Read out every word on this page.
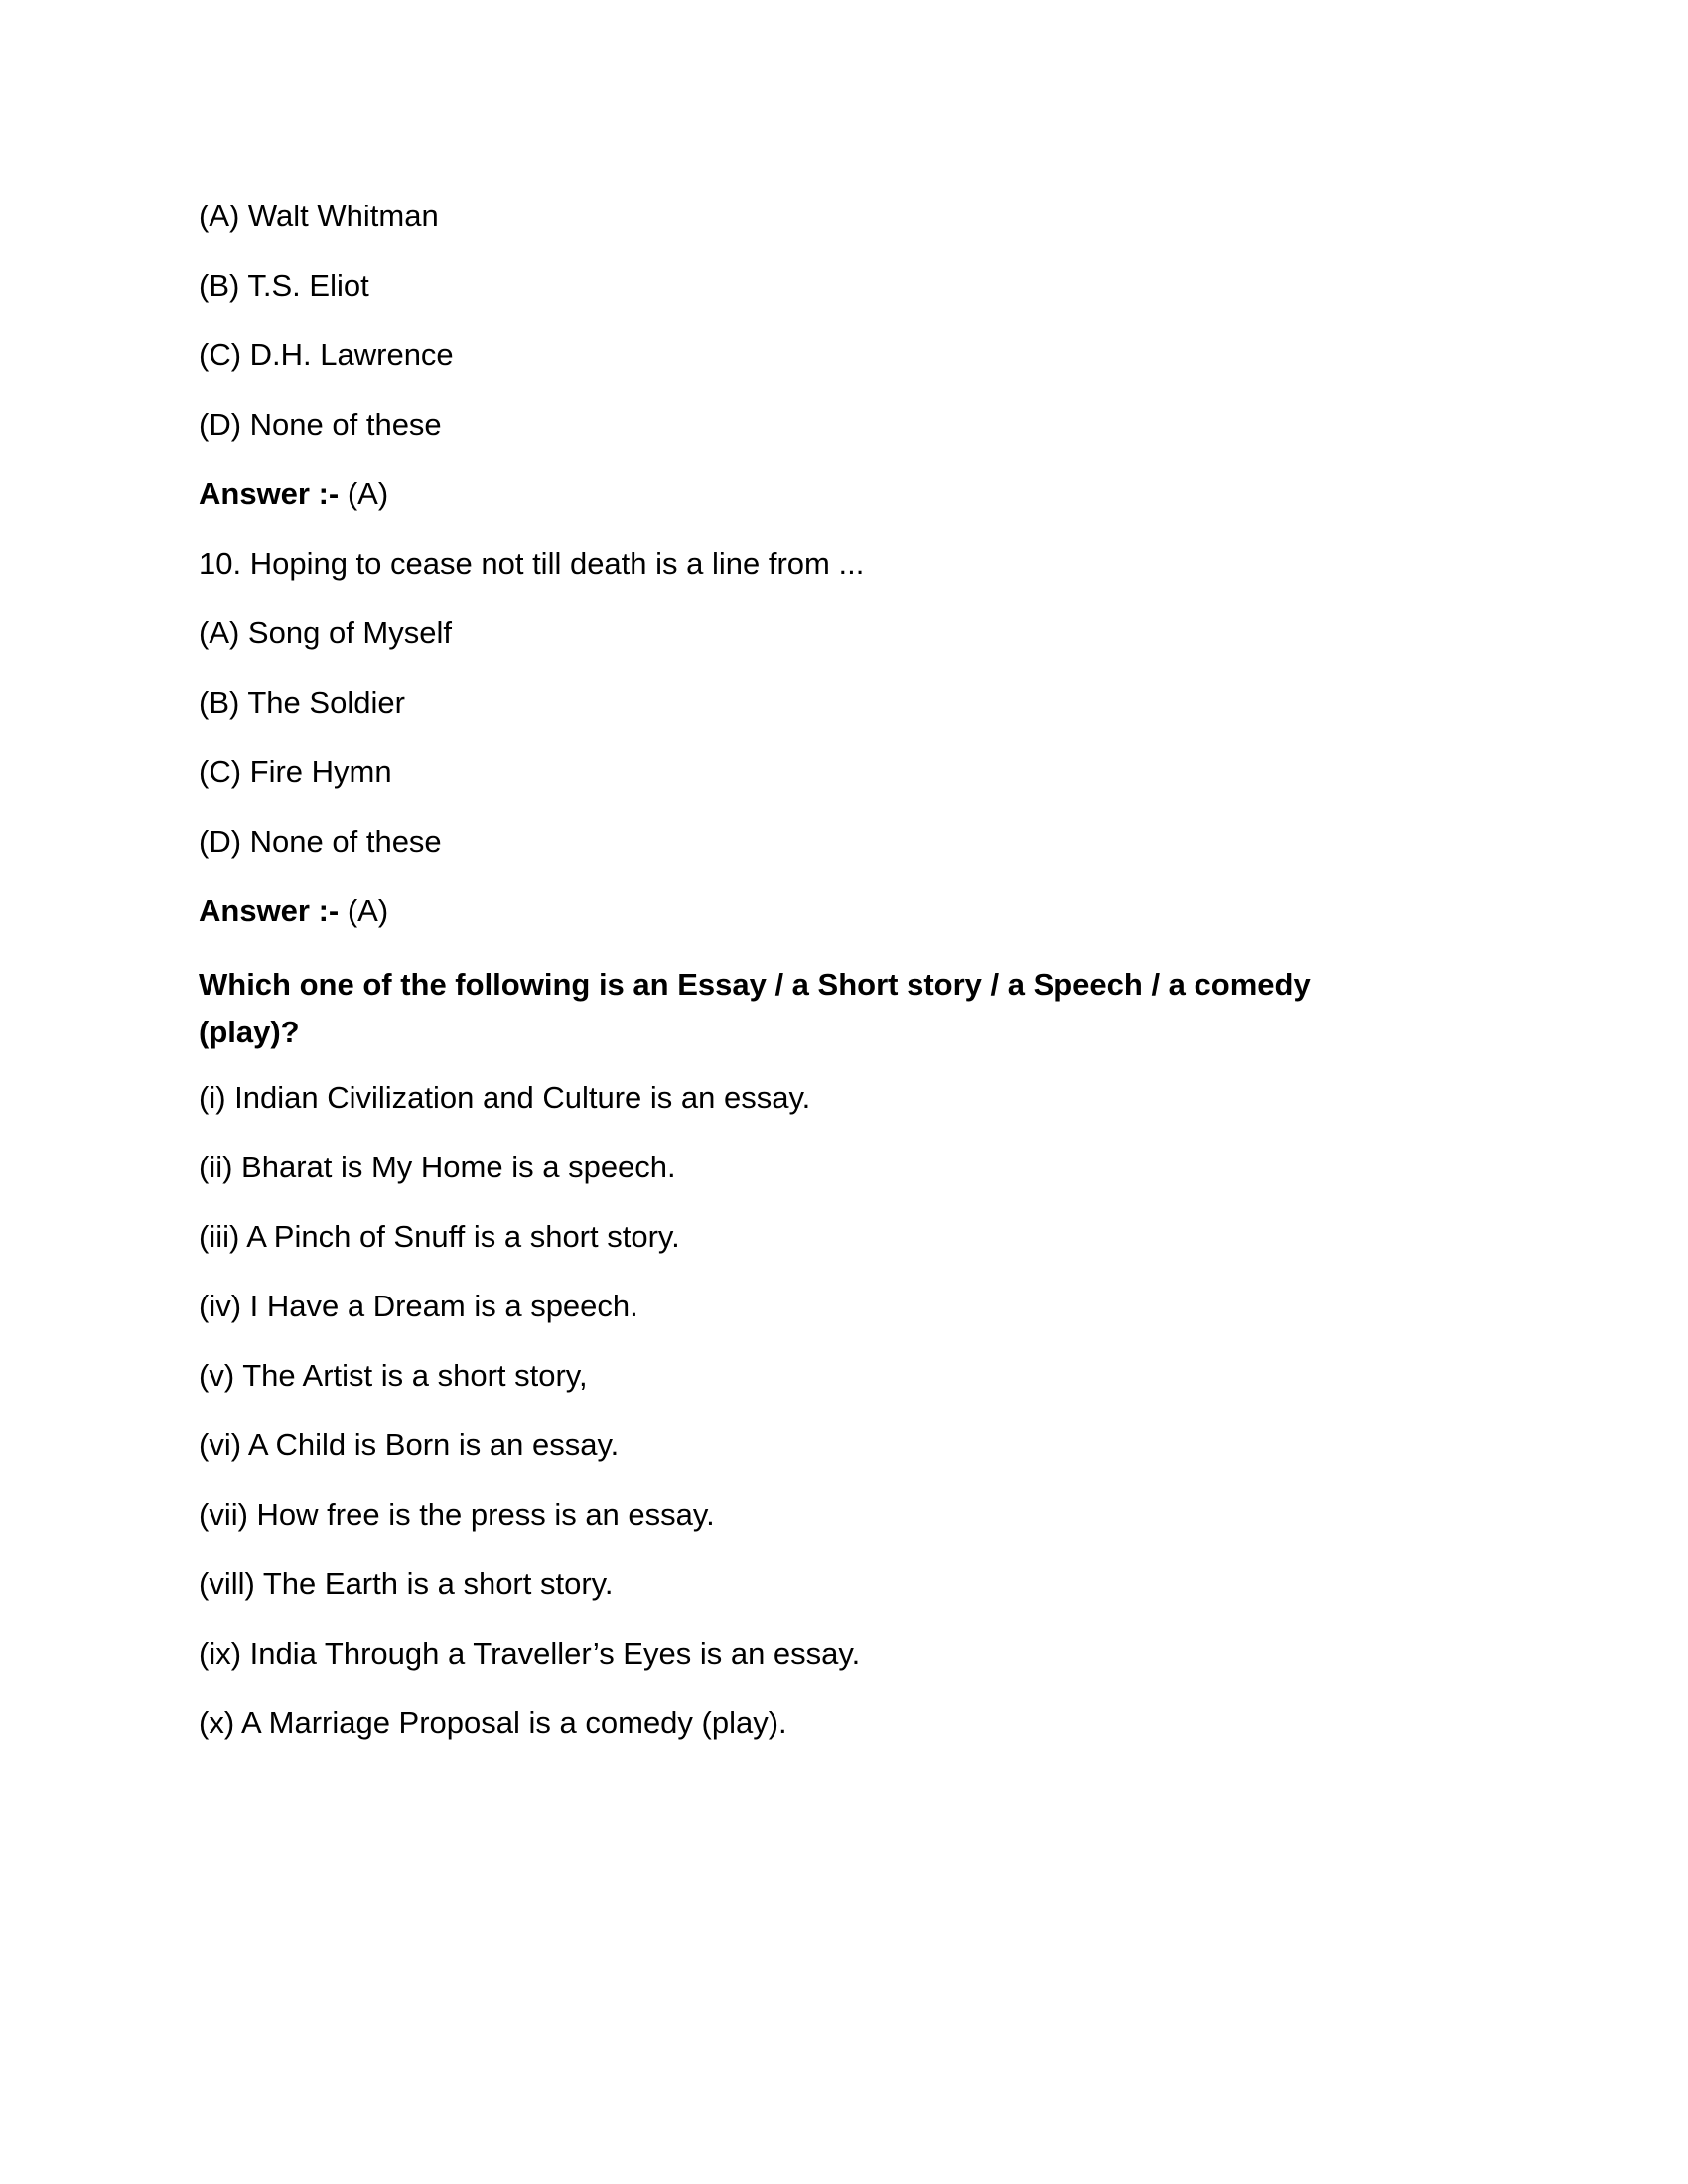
(A) Walt Whitman
(B) T.S. Eliot
(C) D.H. Lawrence
(D) None of these
Answer :- (A)
10. Hoping to cease not till death is a line from ...
(A) Song of Myself
(B) The Soldier
(C) Fire Hymn
(D) None of these
Answer :- (A)
Which one of the following is an Essay / a Short story / a Speech / a comedy (play)?
(i) Indian Civilization and Culture is an essay.
(ii) Bharat is My Home is a speech.
(iii) A Pinch of Snuff is a short story.
(iv) I Have a Dream is a speech.
(v) The Artist is a short story,
(vi) A Child is Born is an essay.
(vii) How free is the press is an essay.
(vill) The Earth is a short story.
(ix) India Through a Traveller’s Eyes is an essay.
(x) A Marriage Proposal is a comedy (play).
